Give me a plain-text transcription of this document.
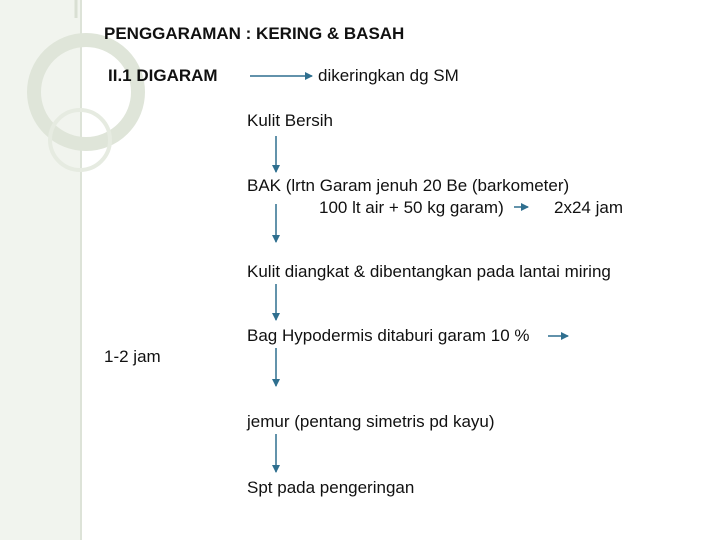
PENGGARAMAN : KERING & BASAH
II.1 DIGARAM	dikeringkan dg SM
Kulit Bersih
BAK (lrtn Garam jenuh 20 Be (barkometer)
100 lt air + 50 kg garam)	2x24 jam
Kulit diangkat & dibentangkan pada lantai miring
Bag Hypodermis ditaburi garam 10 %
1-2 jam
jemur (pentang simetris pd kayu)
Spt pada pengeringan
